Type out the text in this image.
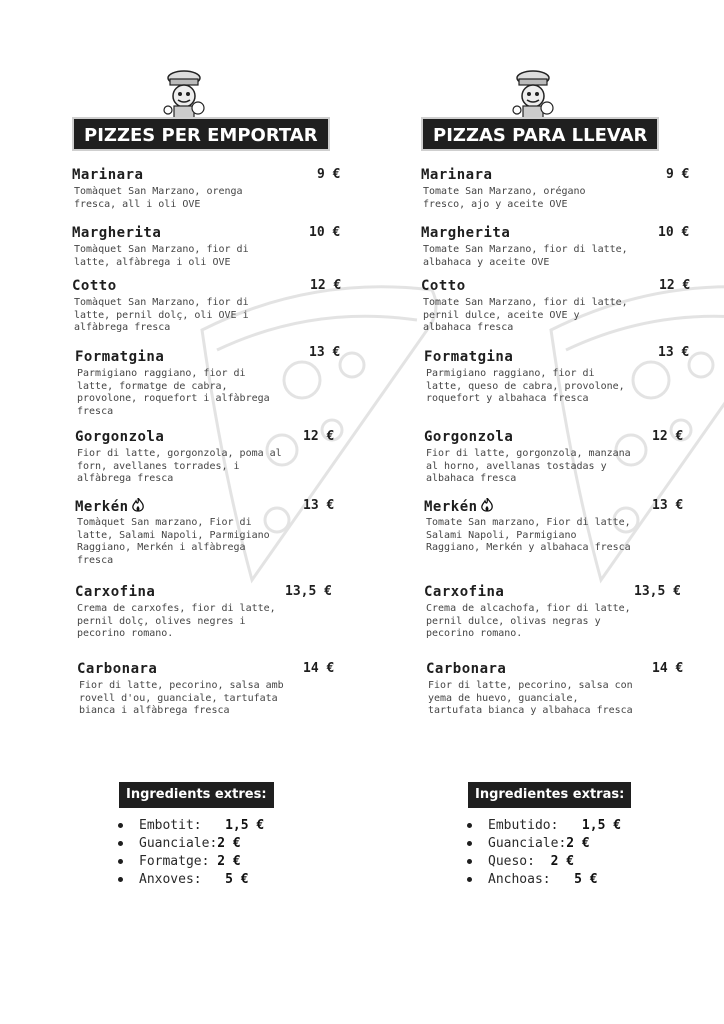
PIZZES PER EMPORTAR
Marinara	9 €
Tomàquet San Marzano, orenga fresca, all i oli OVE
Margherita	10 €
Tomàquet San Marzano, fior di latte, alfàbrega i oli OVE
Cotto	12 €
Tomàquet San Marzano, fior di latte, pernil dolç, oli OVE i alfàbrega fresca
Formatgina	13 €
Parmigiano raggiano, fior di latte, formatge de cabra, provolone, roquefort i alfàbrega fresca
Gorgonzola	12 €
Fior di latte, gorgonzola, poma al forn, avellanes torrades, i alfàbrega fresca
Merkén	13 €
Tomàquet San marzano, Fior di latte, Salami Napoli, Parmigiano Raggiano, Merkén i alfàbrega fresca
Carxofina	13,5 €
Crema de carxofes, fior di latte, pernil dolç, olives negres i pecorino romano.
Carbonara	14 €
Fior di latte, pecorino, salsa amb rovell d'ou, guanciale, tartufata bianca i alfàbrega fresca
Ingredients extres:
Embotit:   1,5 €
Guanciale:2 €
Formatge: 2 €
Anxoves:   5 €
PIZZAS PARA LLEVAR
Marinara	9 €
Tomate San Marzano, orégano fresco, ajo y aceite OVE
Margherita	10 €
Tomate San Marzano, fior di latte, albahaca y aceite OVE
Cotto	12 €
Tomate San Marzano, fior di latte, pernil dulce, aceite OVE y albahaca fresca
Formatgina	13 €
Parmigiano raggiano, fior di latte, queso de cabra, provolone, roquefort y albahaca fresca
Gorgonzola	12 €
Fior di latte, gorgonzola, manzana al horno, avellanas tostadas y albahaca fresca
Merkén	13 €
Tomate San marzano, Fior di latte, Salami Napoli, Parmigiano Raggiano, Merkén y albahaca fresca
Carxofina	13,5 €
Crema de alcachofa, fior di latte, pernil dulce, olivas negras y pecorino romano.
Carbonara	14 €
Fior di latte, pecorino, salsa con yema de huevo, guanciale, tartufata bianca y albahaca fresca
Ingredientes extras:
Embutido:   1,5 €
Guanciale:2 €
Queso:  2 €
Anchoas:   5 €
